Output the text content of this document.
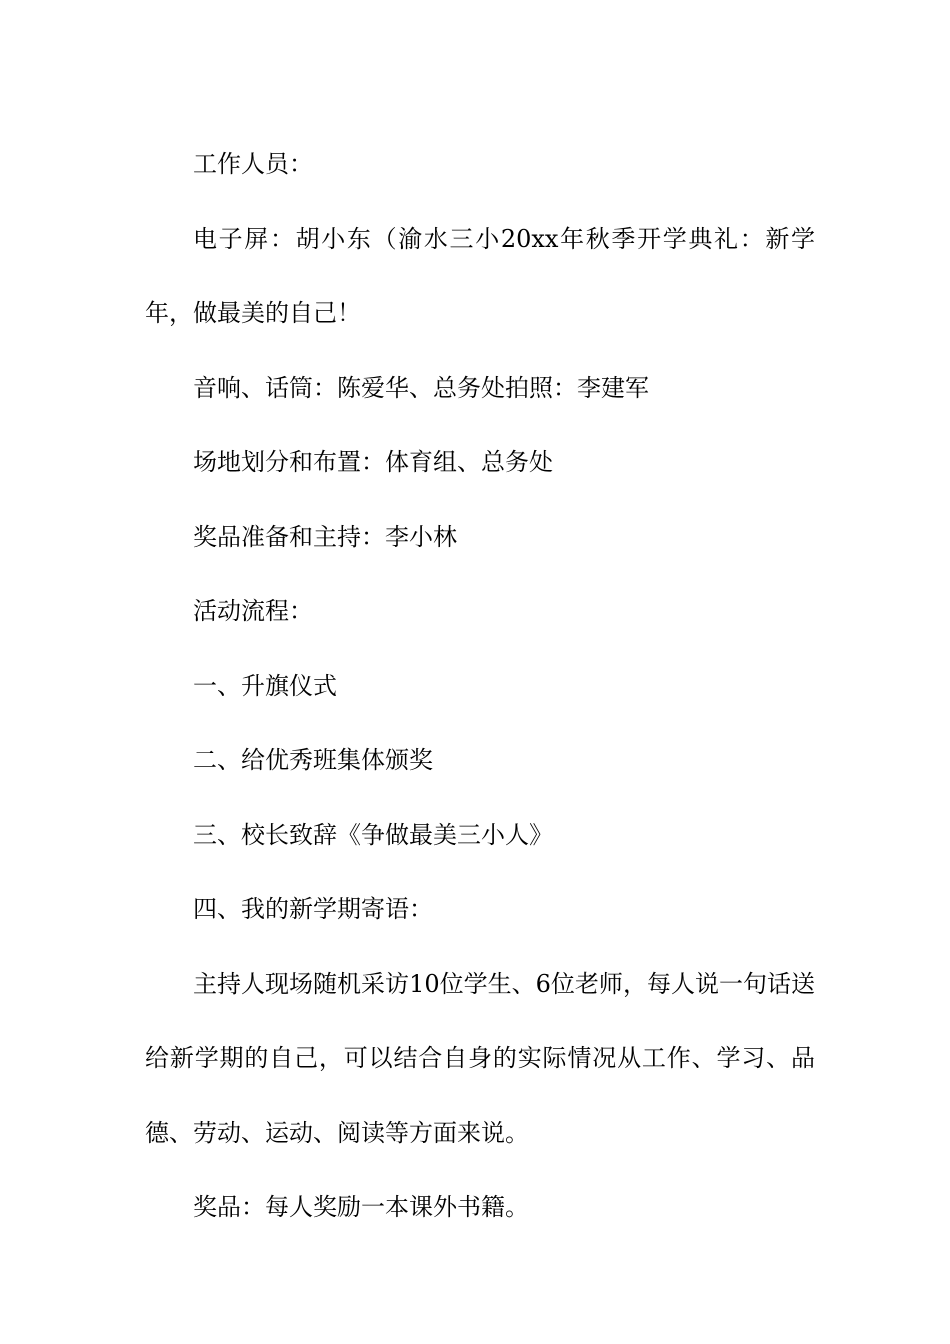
工作人员：

电子屏：胡小东（渝水三小20xx年秋季开学典礼：新学年，做最美的自己！

音响、话筒：陈爱华、总务处拍照：李建军

场地划分和布置：体育组、总务处

奖品准备和主持：李小林

活动流程：

一、升旗仪式

二、给优秀班集体颁奖

三、校长致辞《争做最美三小人》

四、我的新学期寄语：

主持人现场随机采访10位学生、6位老师，每人说一句话送给新学期的自己，可以结合自身的实际情况从工作、学习、品德、劳动、运动、阅读等方面来说。

奖品：每人奖励一本课外书籍。
